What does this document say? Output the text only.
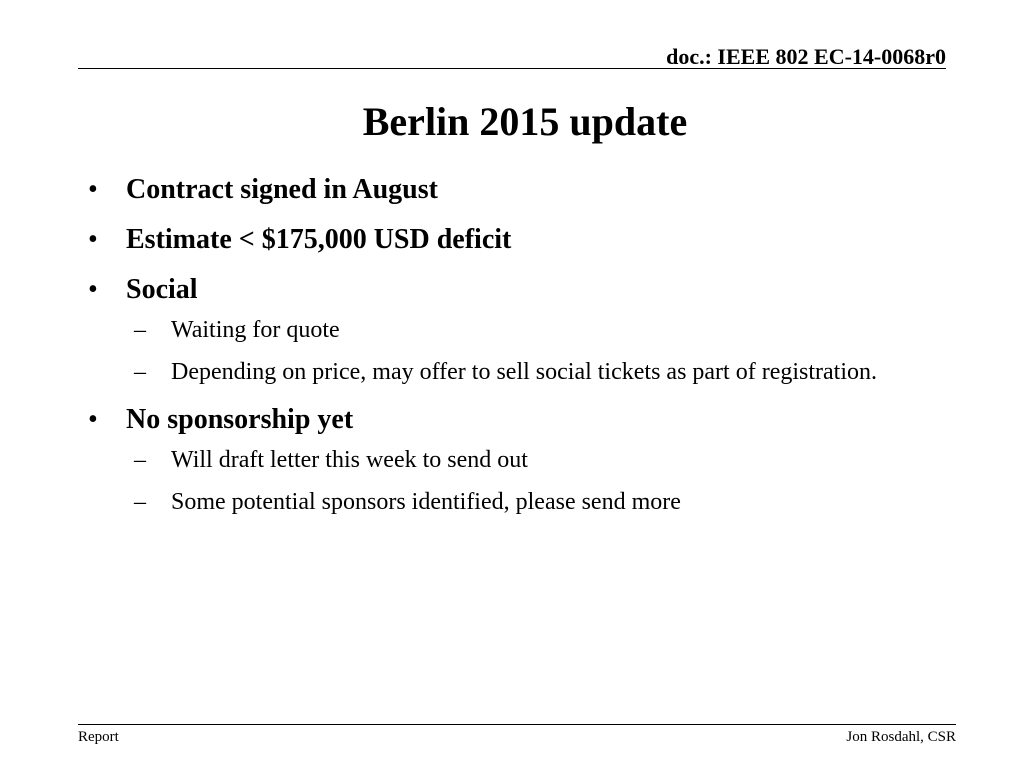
doc.: IEEE 802 EC-14-0068r0
Berlin 2015 update
• Contract signed in August
• Estimate < $175,000 USD deficit
• Social
– Waiting for quote
– Depending on price, may offer to sell social tickets as part of registration.
• No sponsorship yet
– Will draft letter this week to send out
– Some potential sponsors identified, please send more
Report	Jon Rosdahl, CSR
